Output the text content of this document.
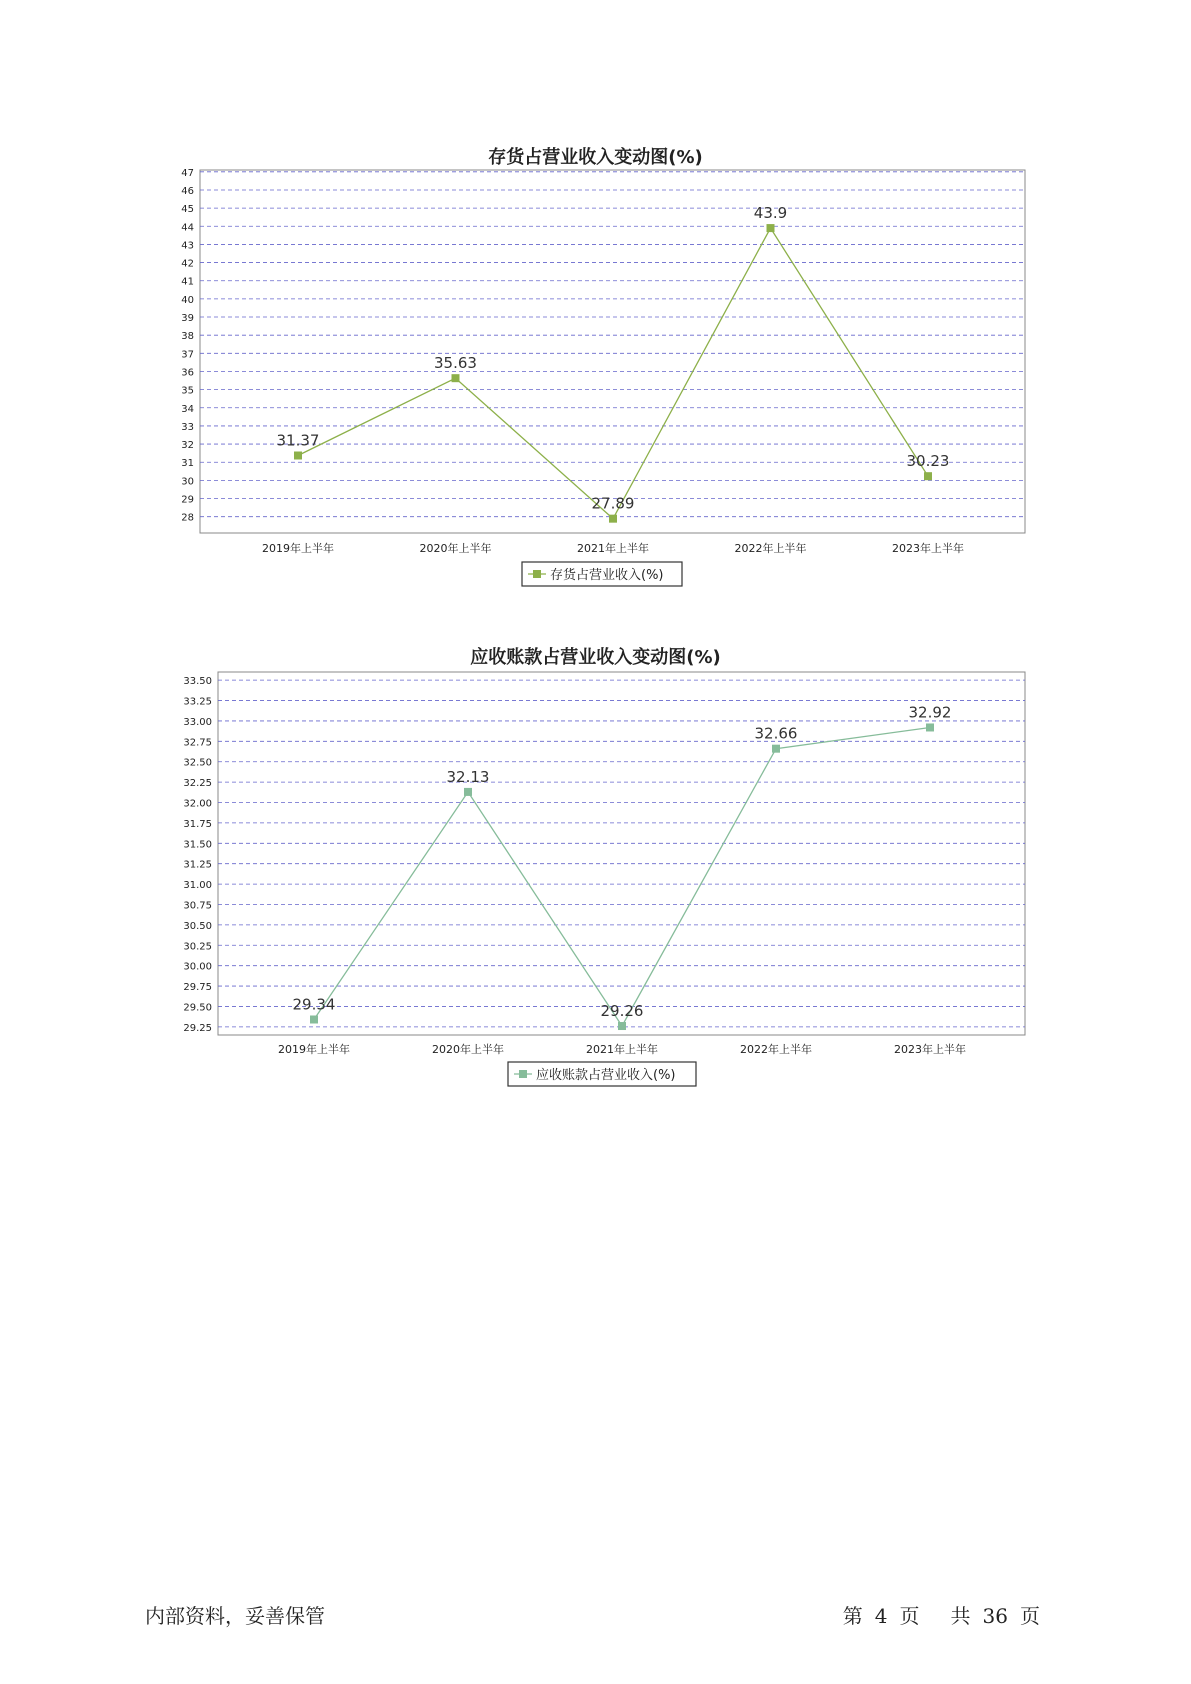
存货占营业收入变动图(%)
28
29
30
31
32
33
34
35
36
37
38
39
40
41
42
43
44
45
46
47
2019年上半年	2020年上半年	2021年上半年	2022年上半年	2023年上半年
31.37
35.63
27.89
43.9
30.23
存货占营业收入(%)
应收账款占营业收入变动图(%)
29.25
29.50
29.75
30.00
30.25
30.50
30.75
31.00
31.25
31.50
31.75
32.00
32.25
32.50
32.75
33.00
33.25
33.50
2019年上半年	2020年上半年	2021年上半年	2022年上半年	2023年上半年
29.34
32.13
29.26
32.66
32.92
应收账款占营业收入(%)
内部资料，妥善保管	第 4 页 共 36 页
